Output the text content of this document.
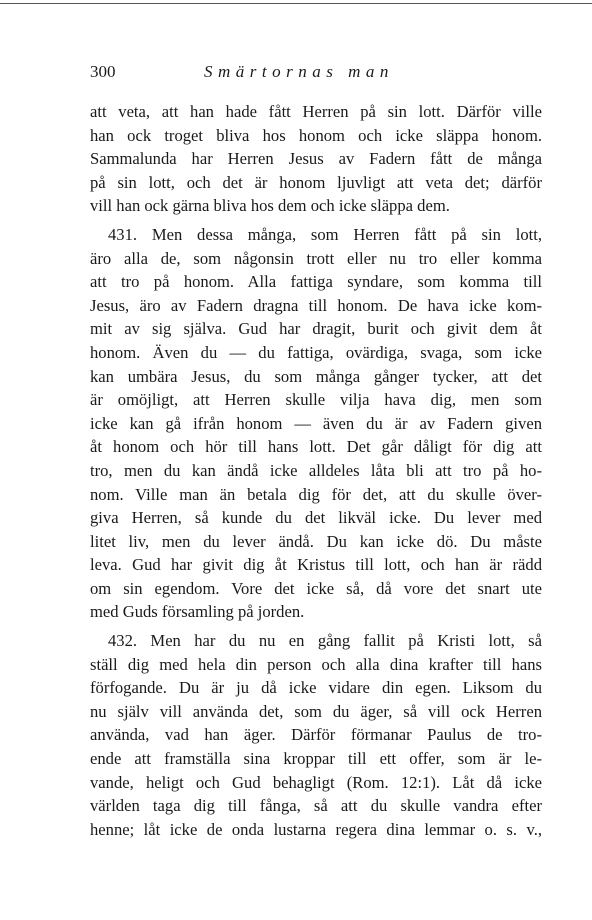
300	Smärtornas man
att veta, att han hade fått Herren på sin lott. Därför ville
han ock troget bliva hos honom och icke släppa honom.
Sammalunda har Herren Jesus av Fadern fått de många
på sin lott, och det är honom ljuvligt att veta det; därför
vill han ock gärna bliva hos dem och icke släppa dem.
431. Men dessa många, som Herren fått på sin lott,
äro alla de, som någonsin trott eller nu tro eller komma
att tro på honom. Alla fattiga syndare, som komma till
Jesus, äro av Fadern dragna till honom. De hava icke kom-
mit av sig själva. Gud har dragit, burit och givit dem åt
honom. Även du — du fattiga, ovärdiga, svaga, som icke
kan umbära Jesus, du som många gånger tycker, att det
är omöjligt, att Herren skulle vilja hava dig, men som
icke kan gå ifrån honom — även du är av Fadern given
åt honom och hör till hans lott. Det går dåligt för dig att
tro, men du kan ändå icke alldeles låta bli att tro på ho-
nom. Ville man än betala dig för det, att du skulle över-
giva Herren, så kunde du det likväl icke. Du lever med
litet liv, men du lever ändå. Du kan icke dö. Du måste
leva. Gud har givit dig åt Kristus till lott, och han är rädd
om sin egendom. Vore det icke så, då vore det snart ute
med Guds församling på jorden.
432. Men har du nu en gång fallit på Kristi lott, så
ställ dig med hela din person och alla dina krafter till hans
förfogande. Du är ju då icke vidare din egen. Liksom du
nu själv vill använda det, som du äger, så vill ock Herren
använda, vad han äger. Därför förmanar Paulus de tro-
ende att framställa sina kroppar till ett offer, som är le-
vande, heligt och Gud behagligt (Rom. 12:1). Låt då icke
världen taga dig till fånga, så att du skulle vandra efter
henne; låt icke de onda lustarna regera dina lemmar o. s. v.,
